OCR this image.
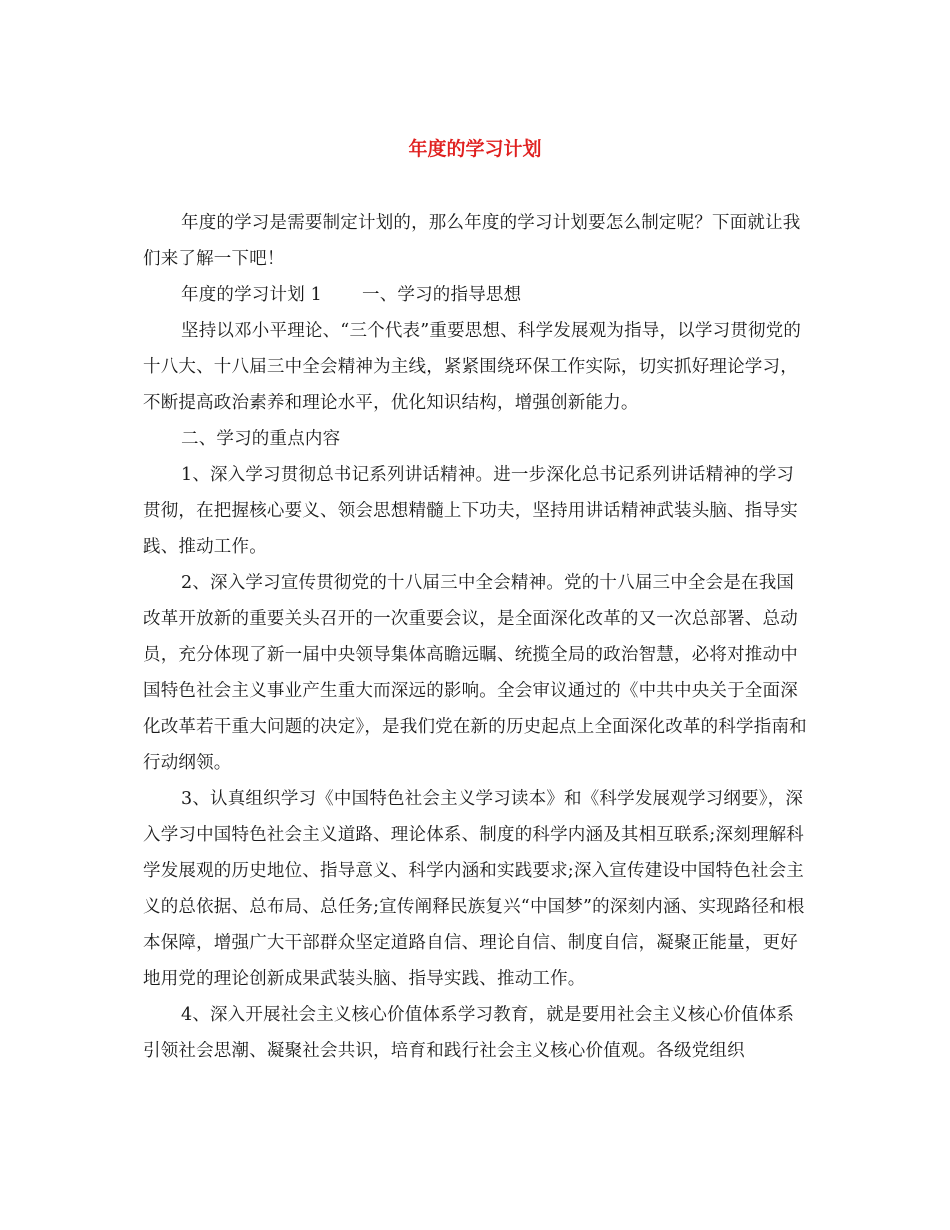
年度的学习计划

年度的学习是需要制定计划的，那么年度的学习计划要怎么制定呢？下面就让我们来了解一下吧！

年度的学习计划 1 一、学习的指导思想

坚持以邓小平理论、“三个代表”重要思想、科学发展观为指导，以学习贯彻党的十八大、十八届三中全会精神为主线，紧紧围绕环保工作实际，切实抓好理论学习，不断提高政治素养和理论水平，优化知识结构，增强创新能力。

二、学习的重点内容

1、深入学习贯彻总书记系列讲话精神。进一步深化总书记系列讲话精神的学习贯彻，在把握核心要义、领会思想精髓上下功夫，坚持用讲话精神武装头脑、指导实践、推动工作。

2、深入学习宣传贯彻党的十八届三中全会精神。党的十八届三中全会是在我国改革开放新的重要关头召开的一次重要会议，是全面深化改革的又一次总部署、总动员，充分体现了新一届中央领导集体高瞻远瞩、统揽全局的政治智慧，必将对推动中国特色社会主义事业产生重大而深远的影响。全会审议通过的《中共中央关于全面深化改革若干重大问题的决定》，是我们党在新的历史起点上全面深化改革的科学指南和行动纲领。

3、认真组织学习《中国特色社会主义学习读本》和《科学发展观学习纲要》，深入学习中国特色社会主义道路、理论体系、制度的科学内涵及其相互联系;深刻理解科学发展观的历史地位、指导意义、科学内涵和实践要求;深入宣传建设中国特色社会主义的总依据、总布局、总任务;宣传阐释民族复兴“中国梦”的深刻内涵、实现路径和根本保障，增强广大干部群众坚定道路自信、理论自信、制度自信，凝聚正能量，更好地用党的理论创新成果武装头脑、指导实践、推动工作。

4、深入开展社会主义核心价值体系学习教育，就是要用社会主义核心价值体系引领社会思潮、凝聚社会共识，培育和践行社会主义核心价值观。各级党组织
